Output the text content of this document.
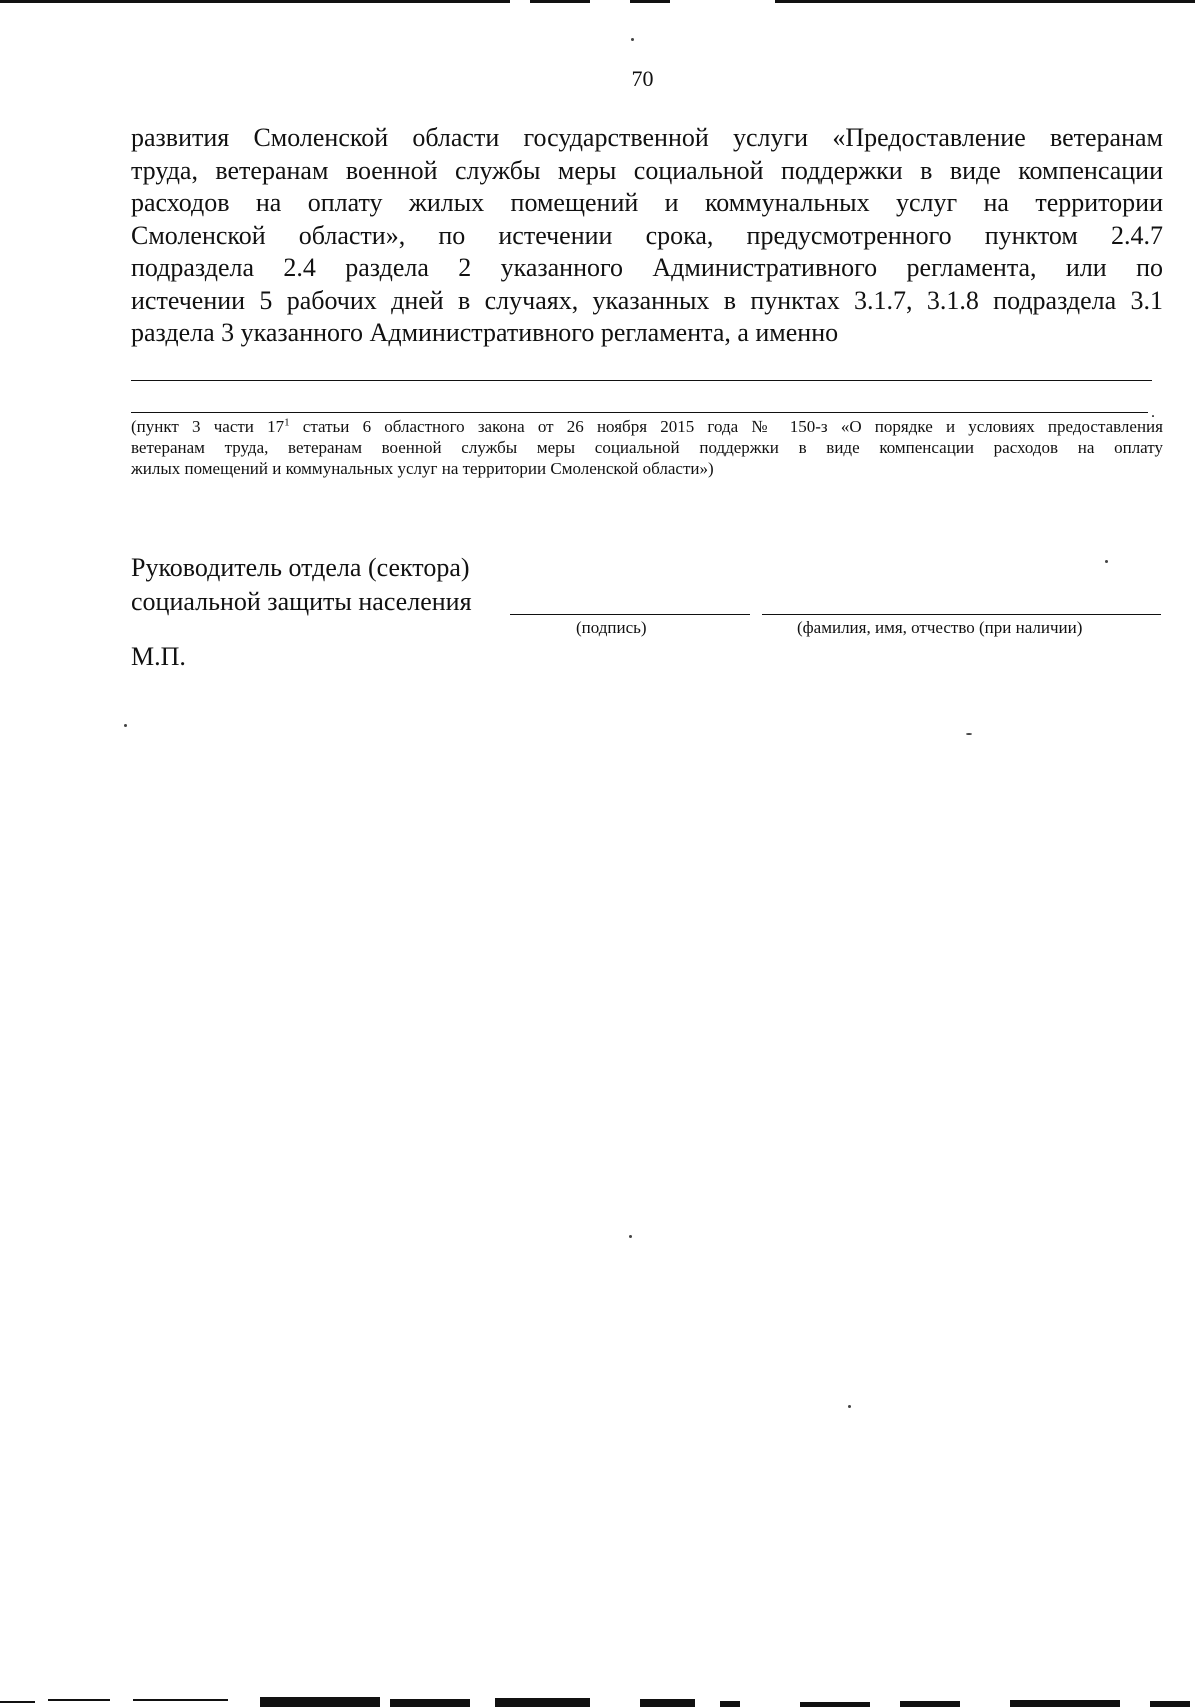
70
развития Смоленской области государственной услуги «Предоставление ветеранам
труда, ветеранам военной службы меры социальной поддержки в виде компенсации
расходов на оплату жилых помещений и коммунальных услуг на территории
Смоленской области», по истечении срока, предусмотренного пунктом 2.4.7
подраздела 2.4 раздела 2 указанного Административного регламента, или по
истечении 5 рабочих дней в случаях, указанных в пунктах 3.1.7, 3.1.8 подраздела 3.1
раздела 3 указанного Административного регламента, а именно
.
(пункт 3 части $17^1$ статьи 6 областного закона от 26 ноября 2015 года № 150-з «О порядке и условиях предоставления
ветеранам труда, ветеранам военной службы меры социальной поддержки в виде компенсации расходов на оплату
жилых помещений и коммунальных услуг на территории Смоленской области»)
Руководитель отдела (сектора)
социальной защиты населения
(подпись)	(фамилия, имя, отчество (при наличии)
М.П.
